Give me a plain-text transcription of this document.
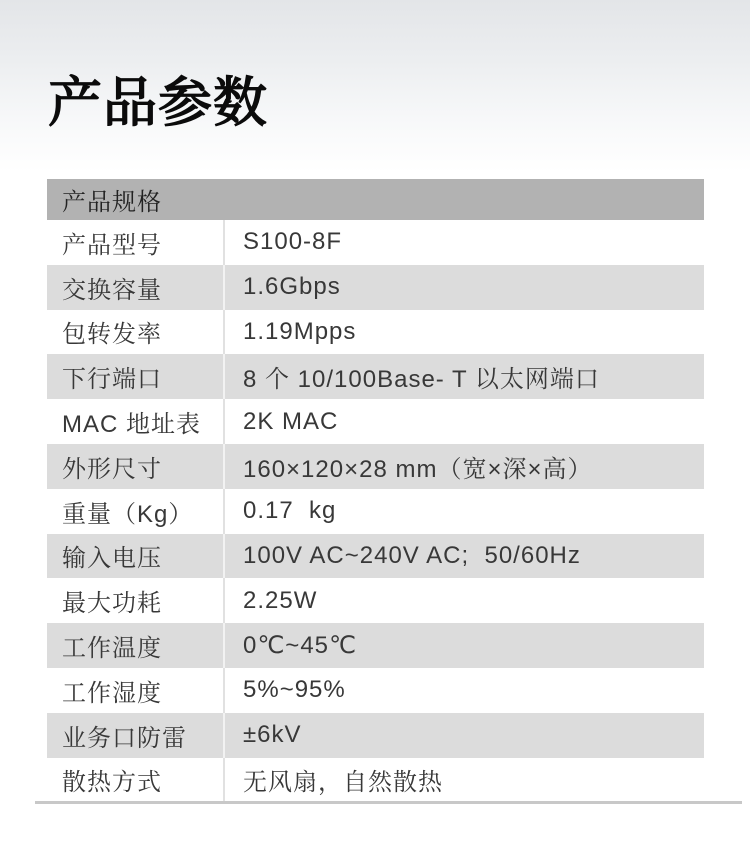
产品参数
产品规格
产品型号	S100-8F
交换容量	1.6Gbps
包转发率	1.19Mpps
下行端口	8 个 10/100Base- T 以太网端口
MAC 地址表	2K MAC
外形尺寸	160×120×28 mm（宽×深×高）
重量（Kg）	0.17  kg
输入电压	100V AC~240V AC;  50/60Hz
最大功耗	2.25W
工作温度	0℃~45℃
工作湿度	5%~95%
业务口防雷	±6kV
散热方式	无风扇，自然散热
